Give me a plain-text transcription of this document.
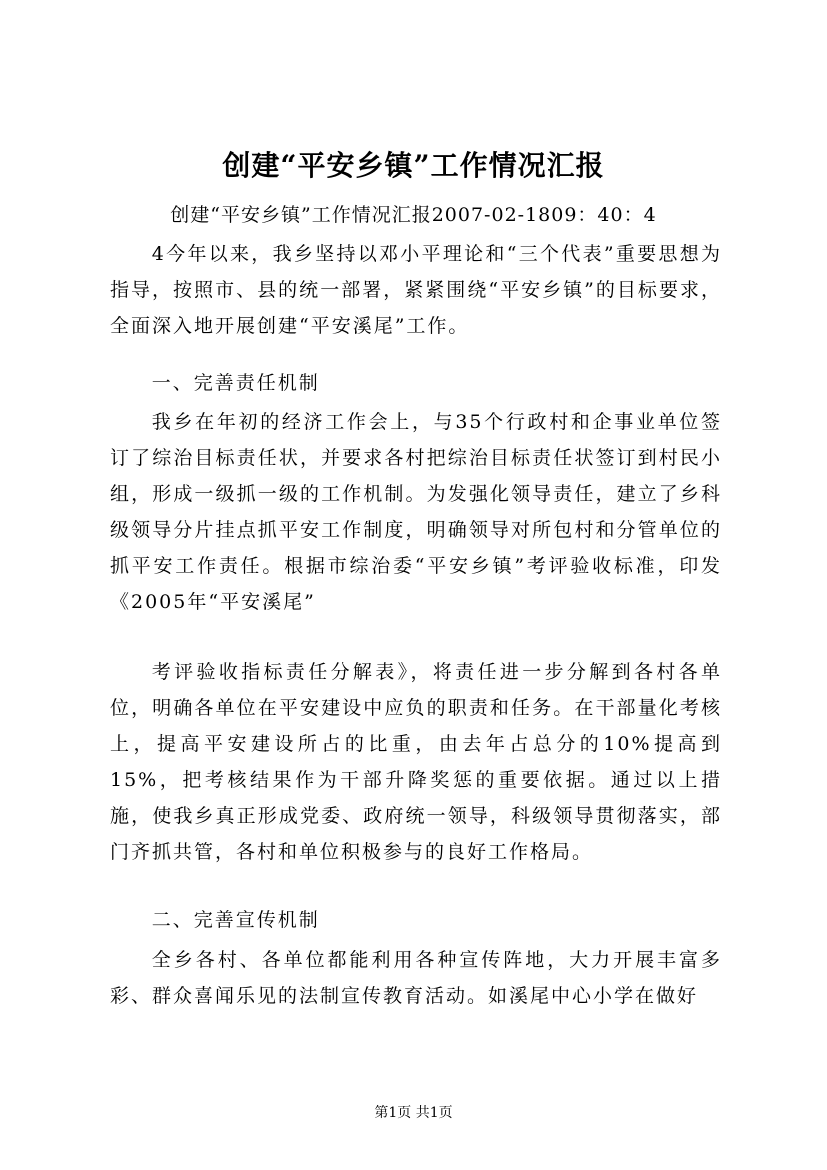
创建“平安乡镇”工作情况汇报
创建“平安乡镇”工作情况汇报2007-02-1809：40：4

4今年以来，我乡坚持以邓小平理论和“三个代表”重要思想为指导，按照市、县的统一部署，紧紧围绕“平安乡镇”的目标要求，全面深入地开展创建“平安溪尾”工作。

一、完善责任机制

我乡在年初的经济工作会上，与35个行政村和企事业单位签订了综治目标责任状，并要求各村把综治目标责任状签订到村民小组，形成一级抓一级的工作机制。为发强化领导责任，建立了乡科级领导分片挂点抓平安工作制度，明确领导对所包村和分管单位的抓平安工作责任。根据市综治委“平安乡镇”考评验收标准，印发《2005年“平安溪尾”

考评验收指标责任分解表》，将责任进一步分解到各村各单位，明确各单位在平安建设中应负的职责和任务。在干部量化考核上，提高平安建设所占的比重，由去年占总分的10%提高到15%，把考核结果作为干部升降奖惩的重要依据。通过以上措施，使我乡真正形成党委、政府统一领导，科级领导贯彻落实，部门齐抓共管，各村和单位积极参与的良好工作格局。

二、完善宣传机制

全乡各村、各单位都能利用各种宣传阵地，大力开展丰富多彩、群众喜闻乐见的法制宣传教育活动。如溪尾中心小学在做好

第1页 共1页
